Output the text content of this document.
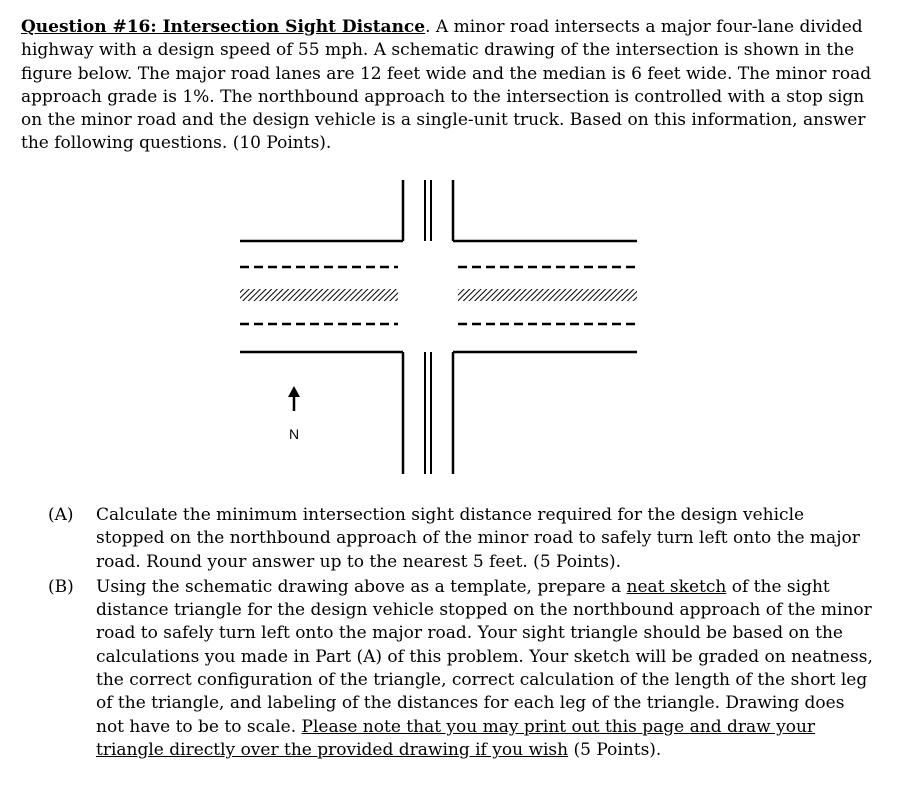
Question #16: Intersection Sight Distance. A minor road intersects a major four-lane divided highway with a design speed of 55 mph. A schematic drawing of the intersection is shown in the figure below. The major road lanes are 12 feet wide and the median is 6 feet wide. The minor road approach grade is 1%. The northbound approach to the intersection is controlled with a stop sign on the minor road and the design vehicle is a single-unit truck. Based on this information, answer the following questions. (10 Points).

N

(A) Calculate the minimum intersection sight distance required for the design vehicle stopped on the northbound approach of the minor road to safely turn left onto the major road. Round your answer up to the nearest 5 feet. (5 Points).

(B) Using the schematic drawing above as a template, prepare a neat sketch of the sight distance triangle for the design vehicle stopped on the northbound approach of the minor road to safely turn left onto the major road. Your sight triangle should be based on the calculations you made in Part (A) of this problem. Your sketch will be graded on neatness, the correct configuration of the triangle, correct calculation of the length of the short leg of the triangle, and labeling of the distances for each leg of the triangle. Drawing does not have to be to scale. Please note that you may print out this page and draw your triangle directly over the provided drawing if you wish (5 Points).
